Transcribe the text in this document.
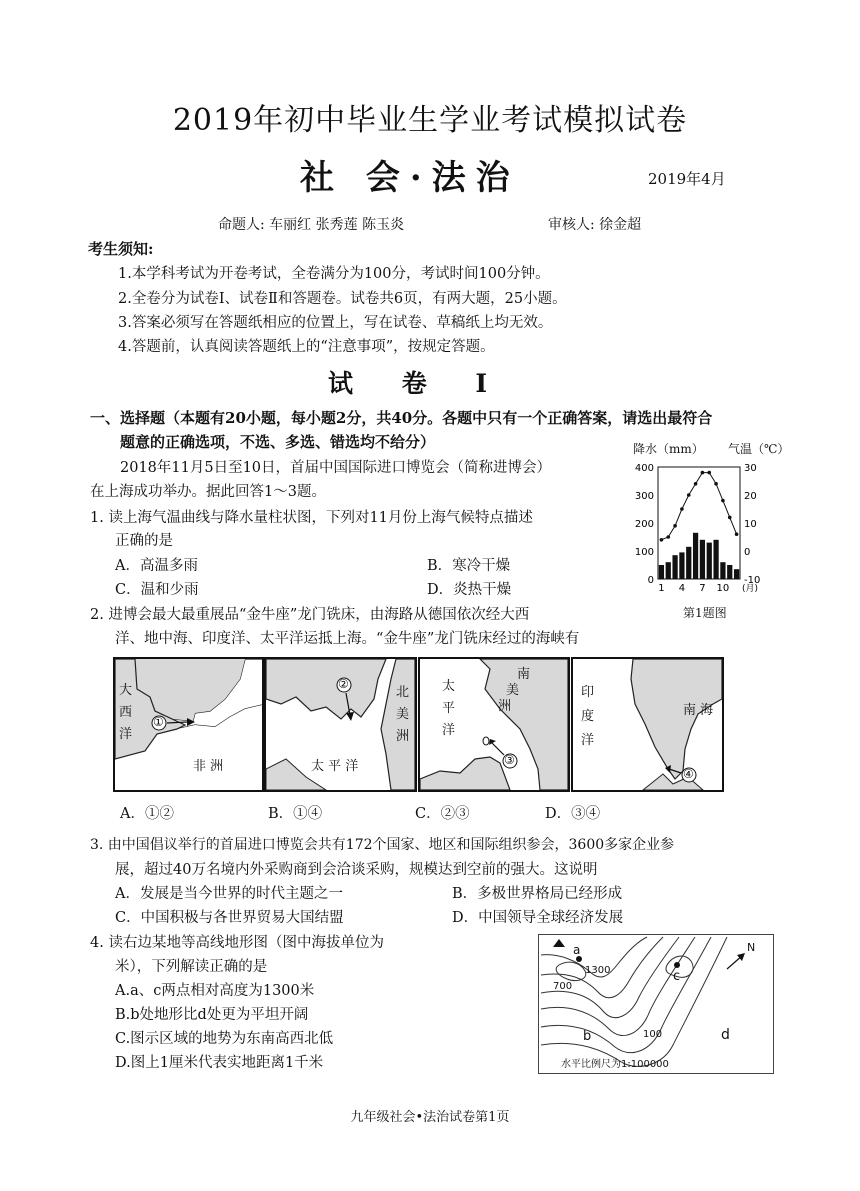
2019年初中毕业生学业考试模拟试卷
社 会·法治	2019年4月
命题人: 车丽红 张秀莲 陈玉炎	审核人: 徐金超
考生须知:
1.本学科考试为开卷考试，全卷满分为100分，考试时间100分钟。
2.全卷分为试卷Ⅰ、试卷Ⅱ和答题卷。试卷共6页，有两大题，25小题。
3.答案必须写在答题纸相应的位置上，写在试卷、草稿纸上均无效。
4.答题前，认真阅读答题纸上的“注意事项”，按规定答题。
试 卷 I
一、选择题（本题有20小题，每小题2分，共40分。各题中只有一个正确答案，请选出最符合
题意的正确选项，不选、多选、错选均不给分）
2018年11月5日至10日，首届中国国际进口博览会（简称进博会）
在上海成功举办。据此回答1～3题。
1. 读上海气温曲线与降水量柱状图，下列对11月份上海气候特点描述
正确的是
A．高温多雨	B．寒冷干燥
C．温和少雨	D．炎热干燥
降水（mm） 气温（℃）
400
300
200
100
0
30
20
10
0
-10
1 4 7 10 (月)
第1题图
2. 进博会最大最重展品“金牛座”龙门铣床，由海路从德国依次经大西
洋、地中海、印度洋、太平洋运抵上海。“金牛座”龙门铣床经过的海峡有
大
西
洋
①
非 洲
②
北
美
洲
太 平 洋
南
美
洲
太
平
洋
③
印
度
洋
南 海
④
A．①②	B．①④	C．②③	D．③④
3. 由中国倡议举行的首届进口博览会共有172个国家、地区和国际组织参会，3600多家企业参
展，超过40万名境内外采购商到会洽谈采购，规模达到空前的强大。这说明
A．发展是当今世界的时代主题之一	B．多极世界格局已经形成
C．中国积极与各世界贸易大国结盟	D．中国领导全球经济发展
4. 读右边某地等高线地形图（图中海拔单位为
米），下列解读正确的是
A.a、c两点相对高度为1300米
B.b处地形比d处更为平坦开阔
C.图示区域的地势为东南高西北低
D.图上1厘米代表实地距离1千米
a
1300
700
100
c
b	d
N
水平比例尺为1:100000
九年级社会•法治试卷第1页
